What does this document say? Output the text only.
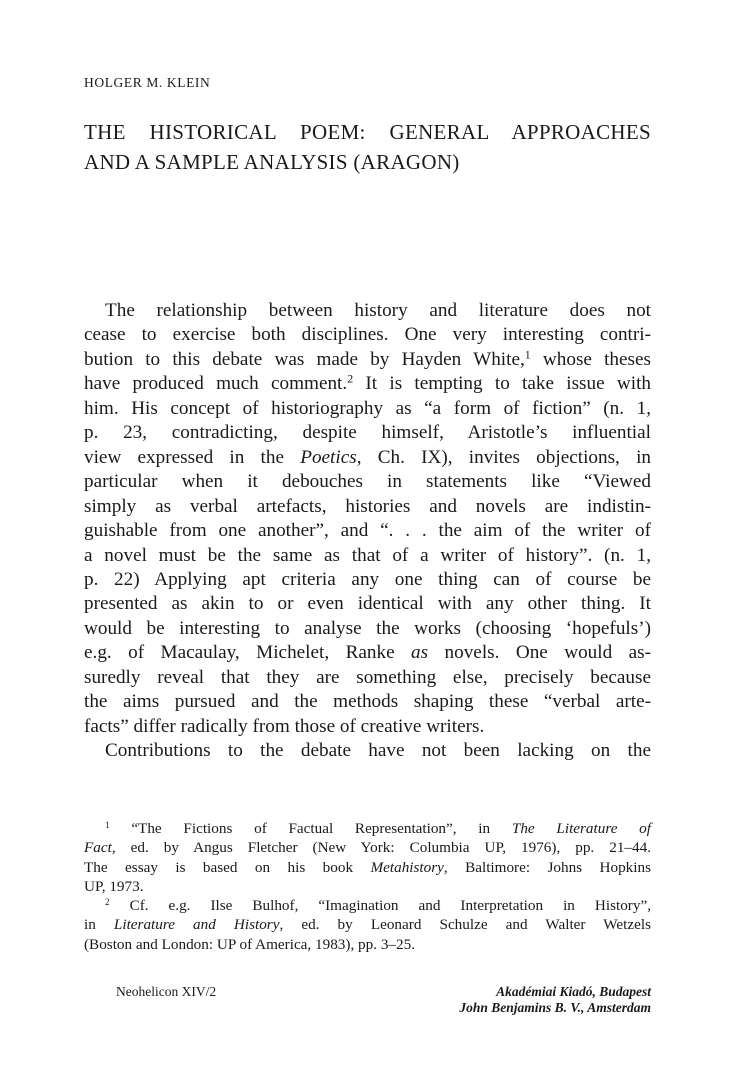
HOLGER M. KLEIN
THE HISTORICAL POEM: GENERAL APPROACHES
AND A SAMPLE ANALYSIS (ARAGON)
The relationship between history and literature does not
cease to exercise both disciplines. One very interesting contri-
bution to this debate was made by Hayden White,$^1$ whose theses
have produced much comment.$^2$ It is tempting to take issue with
him. His concept of historiography as “a form of fiction” (n. 1,
p. 23, contradicting, despite himself, Aristotle’s influential
view expressed in the Poetics, Ch. IX), invites objections, in
particular when it debouches in statements like “Viewed
simply as verbal artefacts, histories and novels are indistin-
guishable from one another”, and “. . . the aim of the writer of
a novel must be the same as that of a writer of history”. (n. 1,
p. 22) Applying apt criteria any one thing can of course be
presented as akin to or even identical with any other thing. It
would be interesting to analyse the works (choosing ‘hopefuls’)
e.g. of Macaulay, Michelet, Ranke as novels. One would as-
suredly reveal that they are something else, precisely because
the aims pursued and the methods shaping these “verbal arte-
facts” differ radically from those of creative writers.
Contributions to the debate have not been lacking on the
$^1$ “The Fictions of Factual Representation”, in The Literature of
Fact, ed. by Angus Fletcher (New York: Columbia UP, 1976), pp. 21–44.
The essay is based on his book Metahistory, Baltimore: Johns Hopkins
UP, 1973.
$^2$ Cf. e.g. Ilse Bulhof, “Imagination and Interpretation in History”,
in Literature and History, ed. by Leonard Schulze and Walter Wetzels
(Boston and London: UP of America, 1983), pp. 3–25.
Neohelicon XIV/2	Akadémiai Kiadó, Budapest
John Benjamins B. V., Amsterdam
